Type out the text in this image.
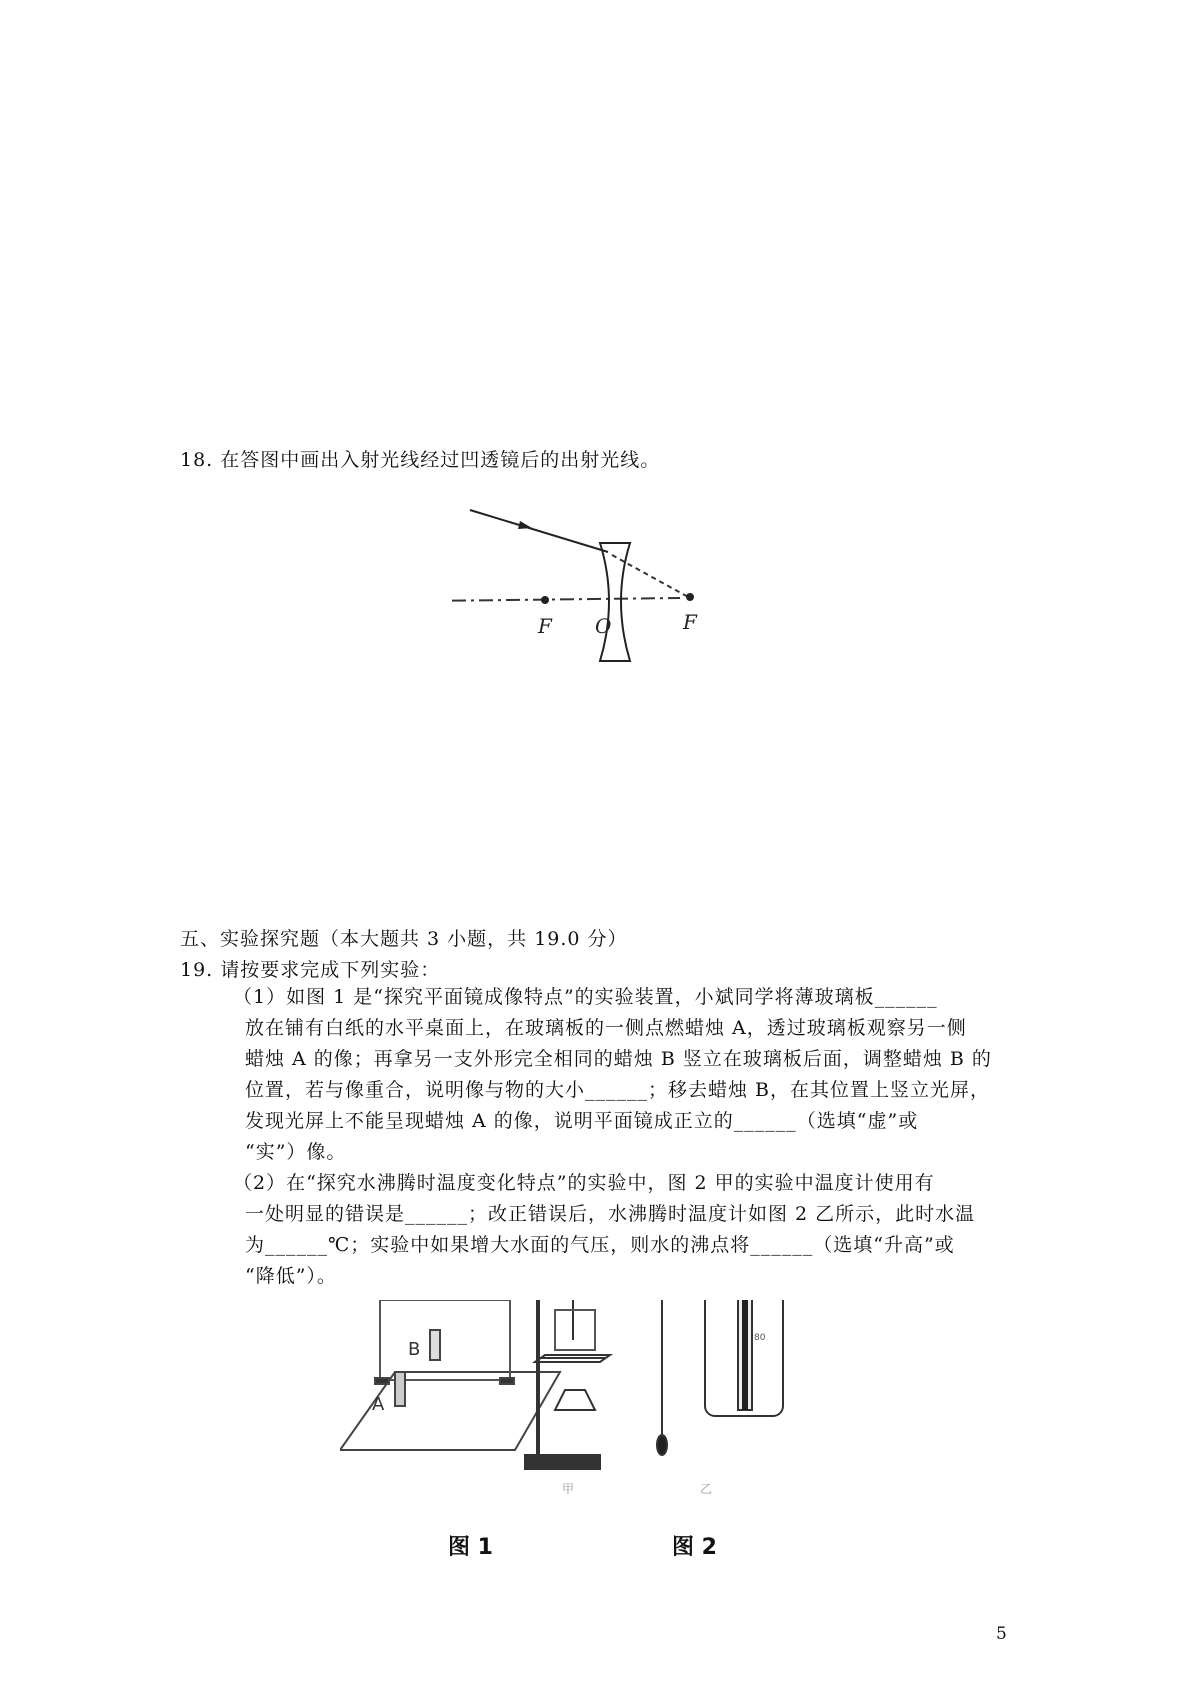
18. 在答图中画出入射光线经过凹透镜后的出射光线。
F O	F
五、实验探究题（本大题共 3 小题，共 19.0 分）
19. 请按要求完成下列实验：
（1）如图 1 是“探究平面镜成像特点”的实验装置，小斌同学将薄玻璃板______
放在铺有白纸的水平桌面上，在玻璃板的一侧点燃蜡烛 A，透过玻璃板观察另一侧
蜡烛 A 的像；再拿另一支外形完全相同的蜡烛 B 竖立在玻璃板后面，调整蜡烛 B 的
位置，若与像重合，说明像与物的大小______；移去蜡烛 B，在其位置上竖立光屏，
发现光屏上不能呈现蜡烛 A 的像，说明平面镜成正立的______（选填“虚”或
“实”）像。
（2）在“探究水沸腾时温度变化特点”的实验中，图 2 甲的实验中温度计使用有
一处明显的错误是______；改正错误后，水沸腾时温度计如图 2 乙所示，此时水温
为______℃；实验中如果增大水面的气压，则水的沸点将______（选填“升高”或
“降低”）。
A
B
甲
80
乙
图 1	图 2
5
